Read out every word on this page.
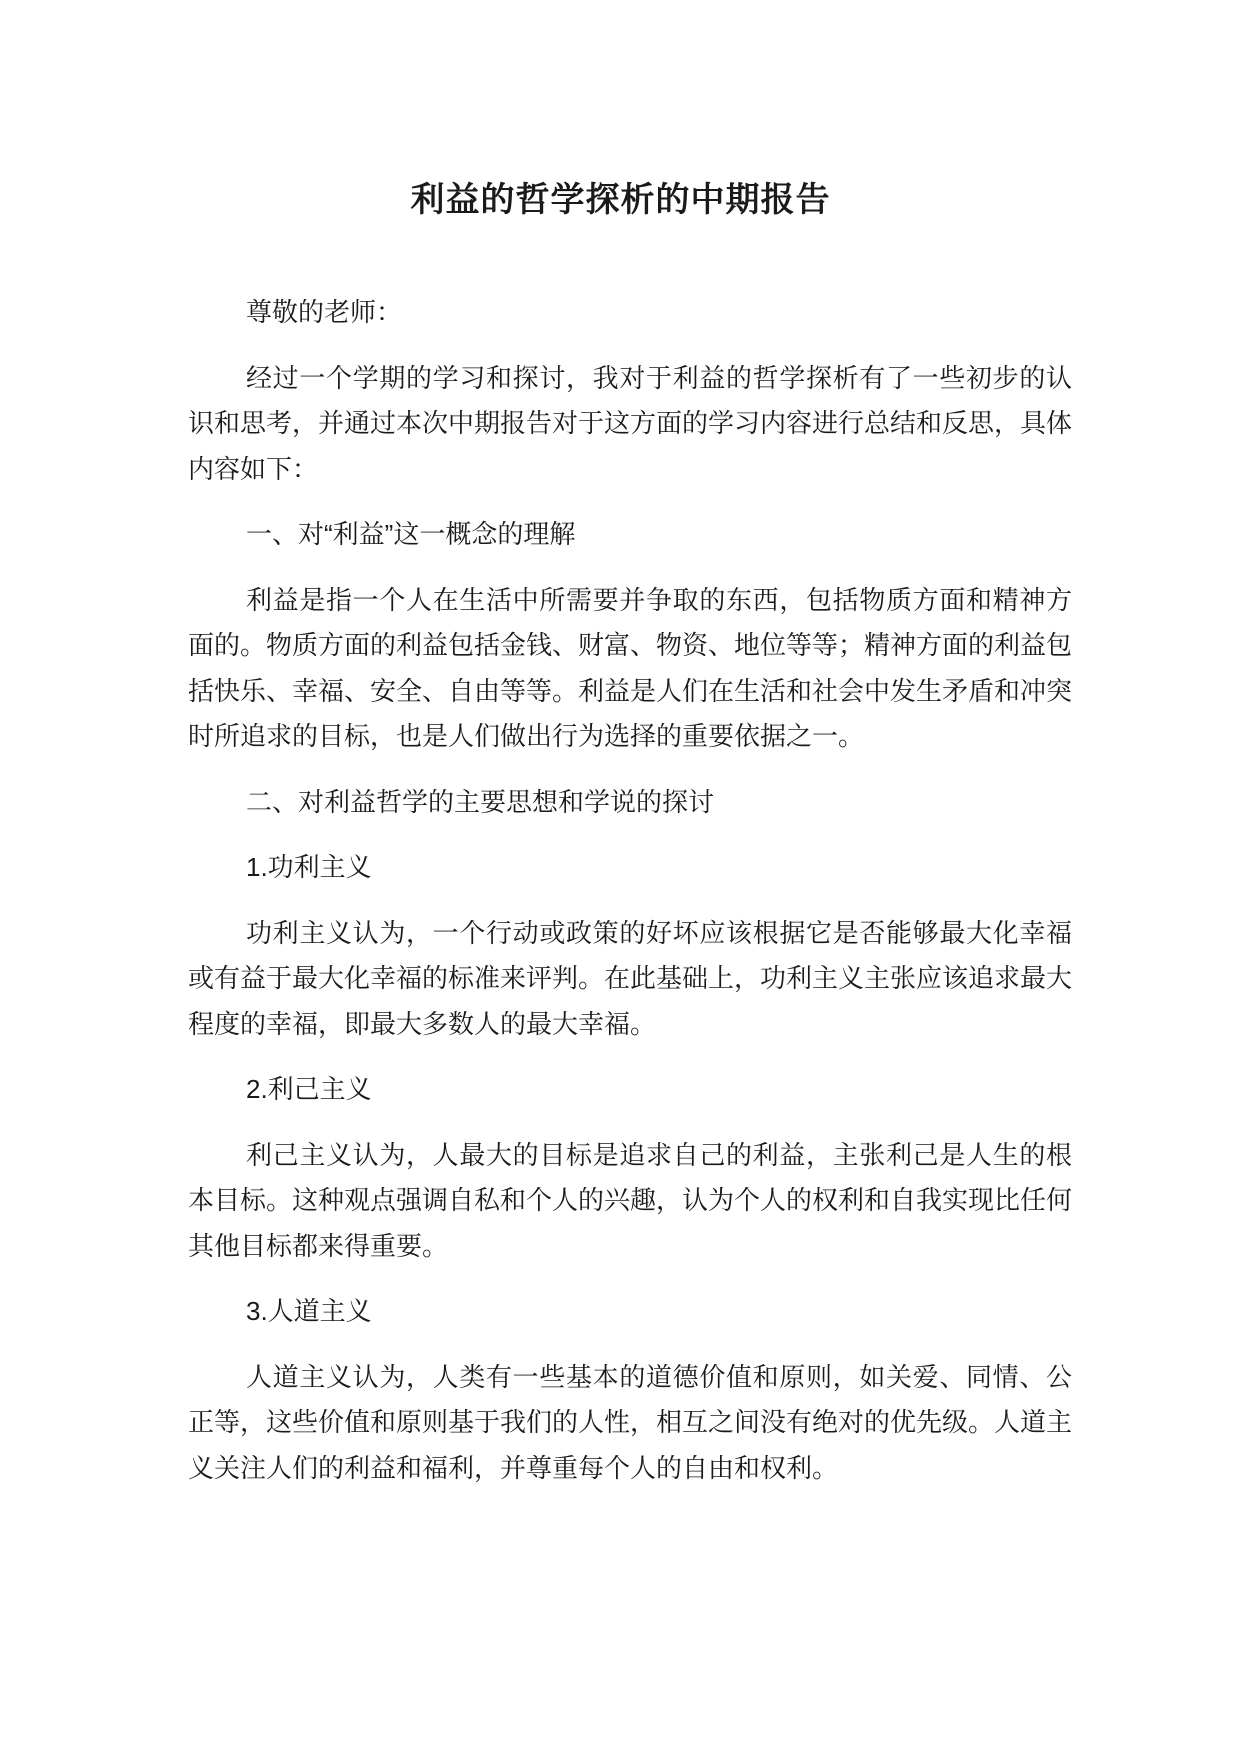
利益的哲学探析的中期报告

尊敬的老师：

经过一个学期的学习和探讨，我对于利益的哲学探析有了一些初步的认识和思考，并通过本次中期报告对于这方面的学习内容进行总结和反思，具体内容如下：

一、对“利益”这一概念的理解

利益是指一个人在生活中所需要并争取的东西，包括物质方面和精神方面的。物质方面的利益包括金钱、财富、物资、地位等等；精神方面的利益包括快乐、幸福、安全、自由等等。利益是人们在生活和社会中发生矛盾和冲突时所追求的目标，也是人们做出行为选择的重要依据之一。

二、对利益哲学的主要思想和学说的探讨

1.功利主义

功利主义认为，一个行动或政策的好坏应该根据它是否能够最大化幸福或有益于最大化幸福的标准来评判。在此基础上，功利主义主张应该追求最大程度的幸福，即最大多数人的最大幸福。

2.利己主义

利己主义认为，人最大的目标是追求自己的利益，主张利己是人生的根本目标。这种观点强调自私和个人的兴趣，认为个人的权利和自我实现比任何其他目标都来得重要。

3.人道主义

人道主义认为，人类有一些基本的道德价值和原则，如关爱、同情、公正等，这些价值和原则基于我们的人性，相互之间没有绝对的优先级。人道主义关注人们的利益和福利，并尊重每个人的自由和权利。
